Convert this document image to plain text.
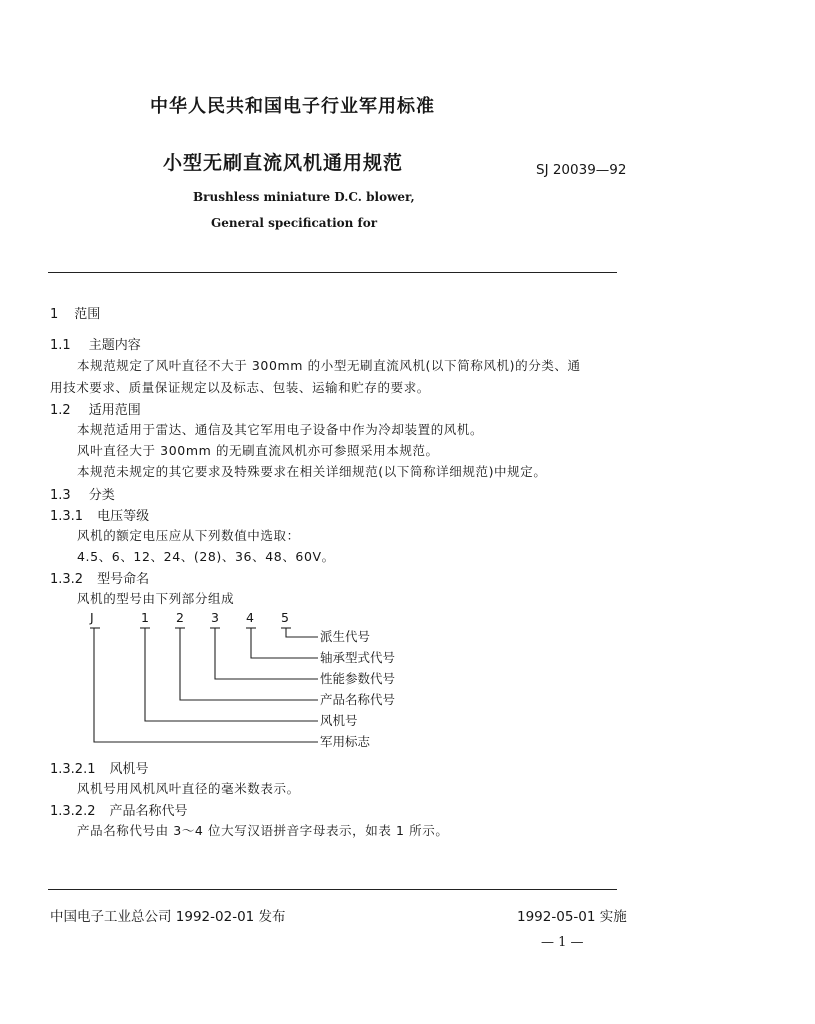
中华人民共和国电子行业军用标准
小型无刷直流风机通用规范	SJ 20039—92
Brushless miniature D.C. blower,
General specification for
1 范围
1.1 主题内容
本规范规定了风叶直径不大于 300mm 的小型无刷直流风机(以下简称风机)的分类、通
用技术要求、质量保证规定以及标志、包装、运输和贮存的要求。
1.2 适用范围
本规范适用于雷达、通信及其它军用电子设备中作为冷却装置的风机。
风叶直径大于 300mm 的无刷直流风机亦可参照采用本规范。
本规范未规定的其它要求及特殊要求在相关详细规范(以下简称详细规范)中规定。
1.3 分类
1.3.1 电压等级
风机的额定电压应从下列数值中选取：
4.5、6、12、24、(28)、36、48、60V。
1.3.2 型号命名
风机的型号由下列部分组成
J	1 2 3 4 5
派生代号
轴承型式代号
性能参数代号
产品名称代号
风机号
军用标志
1.3.2.1 风机号
风机号用风机风叶直径的毫米数表示。
1.3.2.2 产品名称代号
产品名称代号由 3～4 位大写汉语拼音字母表示，如表 1 所示。
中国电子工业总公司 1992-02-01 发布	1992-05-01 实施
— 1 —
